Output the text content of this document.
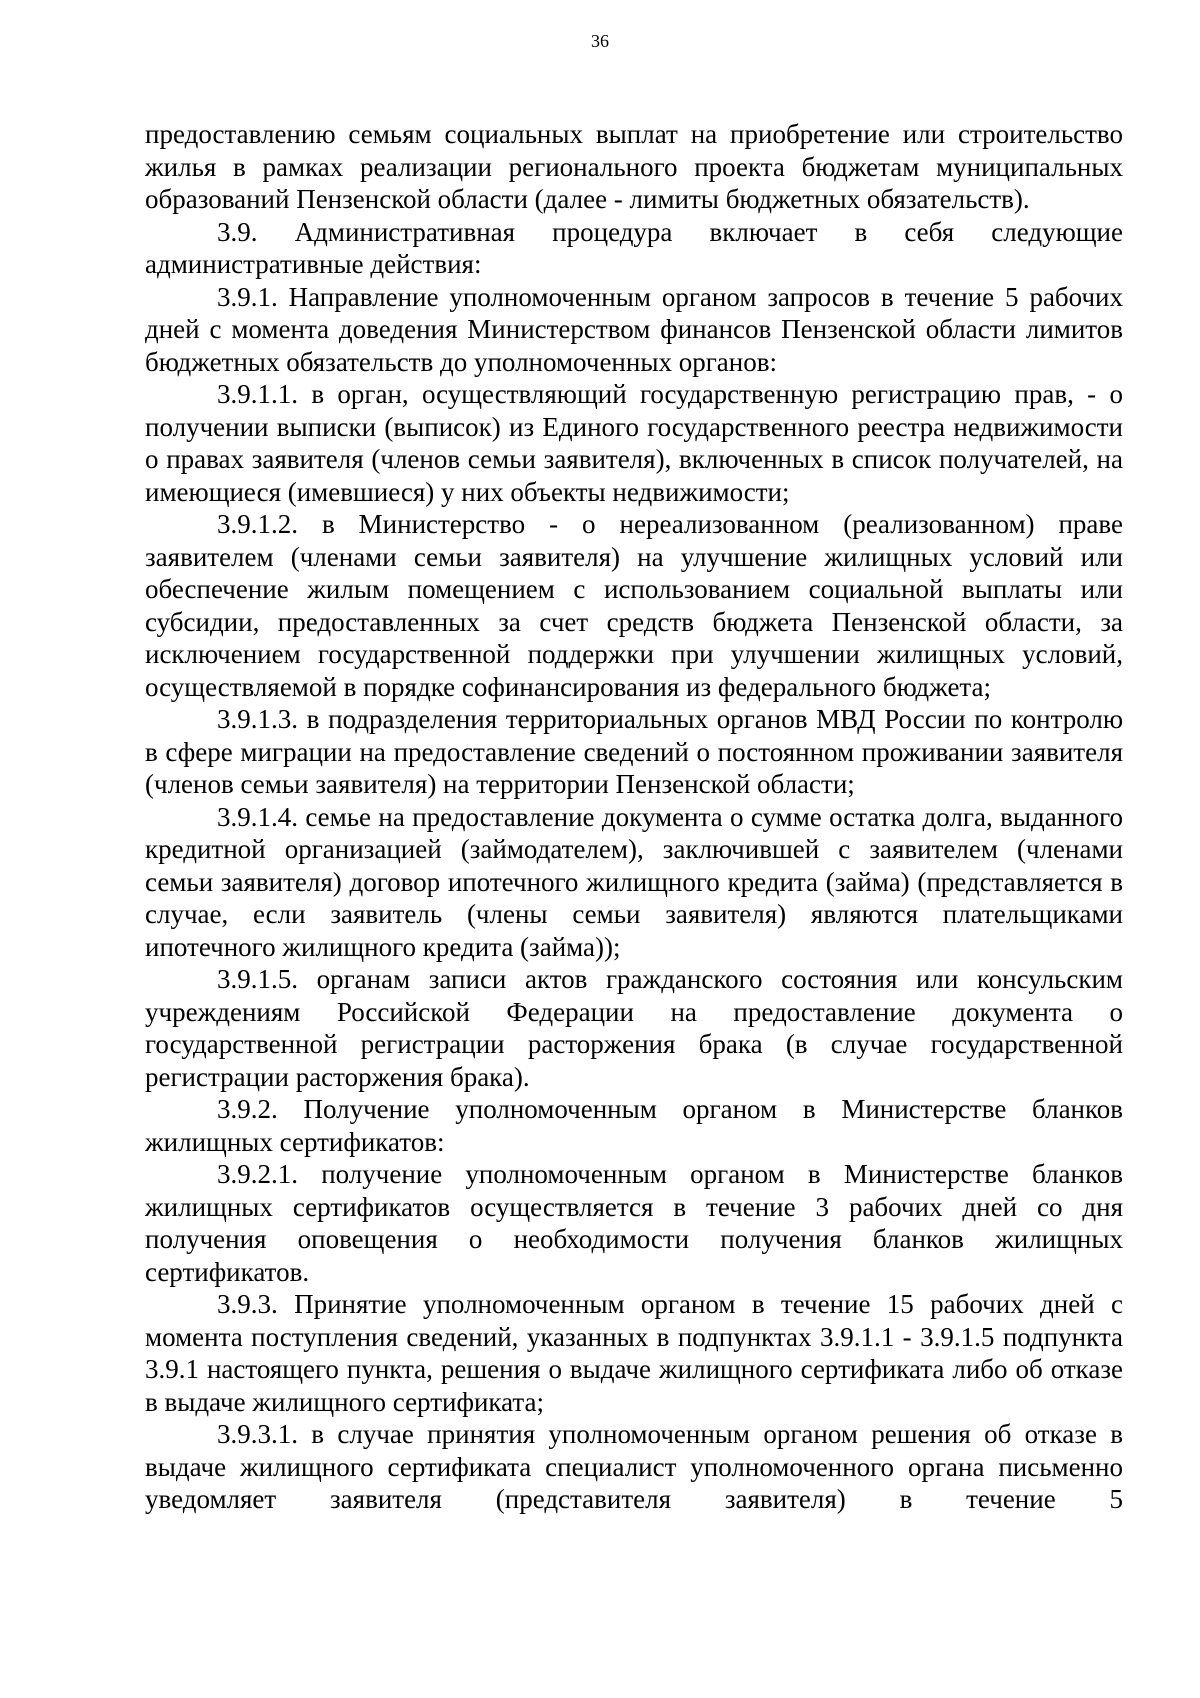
36

предоставлению семьям социальных выплат на приобретение или строительство жилья в рамках реализации регионального проекта бюджетам муниципальных образований Пензенской области (далее - лимиты бюджетных обязательств).

3.9. Административная процедура включает в себя следующие административные действия:

3.9.1. Направление уполномоченным органом запросов в течение 5 рабочих дней с момента доведения Министерством финансов Пензенской области лимитов бюджетных обязательств до уполномоченных органов:

3.9.1.1. в орган, осуществляющий государственную регистрацию прав, - о получении выписки (выписок) из Единого государственного реестра недвижимости о правах заявителя (членов семьи заявителя), включенных в список получателей, на имеющиеся (имевшиеся) у них объекты недвижимости;

3.9.1.2. в Министерство - о нереализованном (реализованном) праве заявителем (членами семьи заявителя) на улучшение жилищных условий или обеспечение жилым помещением с использованием социальной выплаты или субсидии, предоставленных за счет средств бюджета Пензенской области, за исключением государственной поддержки при улучшении жилищных условий, осуществляемой в порядке софинансирования из федерального бюджета;

3.9.1.3. в подразделения территориальных органов МВД России по контролю в сфере миграции на предоставление сведений о постоянном проживании заявителя (членов семьи заявителя) на территории Пензенской области;

3.9.1.4. семье на предоставление документа о сумме остатка долга, выданного кредитной организацией (займодателем), заключившей с заявителем (членами семьи заявителя) договор ипотечного жилищного кредита (займа) (представляется в случае, если заявитель (члены семьи заявителя) являются плательщиками ипотечного жилищного кредита (займа));

3.9.1.5. органам записи актов гражданского состояния или консульским учреждениям Российской Федерации на предоставление документа о государственной регистрации расторжения брака (в случае государственной регистрации расторжения брака).

3.9.2. Получение уполномоченным органом в Министерстве бланков жилищных сертификатов:

3.9.2.1. получение уполномоченным органом в Министерстве бланков жилищных сертификатов осуществляется в течение 3 рабочих дней со дня получения оповещения о необходимости получения бланков жилищных сертификатов.

3.9.3. Принятие уполномоченным органом в течение 15 рабочих дней с момента поступления сведений, указанных в подпунктах 3.9.1.1 - 3.9.1.5 подпункта 3.9.1 настоящего пункта, решения о выдаче жилищного сертификата либо об отказе в выдаче жилищного сертификата;

3.9.3.1. в случае принятия уполномоченным органом решения об отказе в выдаче жилищного сертификата специалист уполномоченного органа письменно уведомляет заявителя (представителя заявителя) в течение 5
